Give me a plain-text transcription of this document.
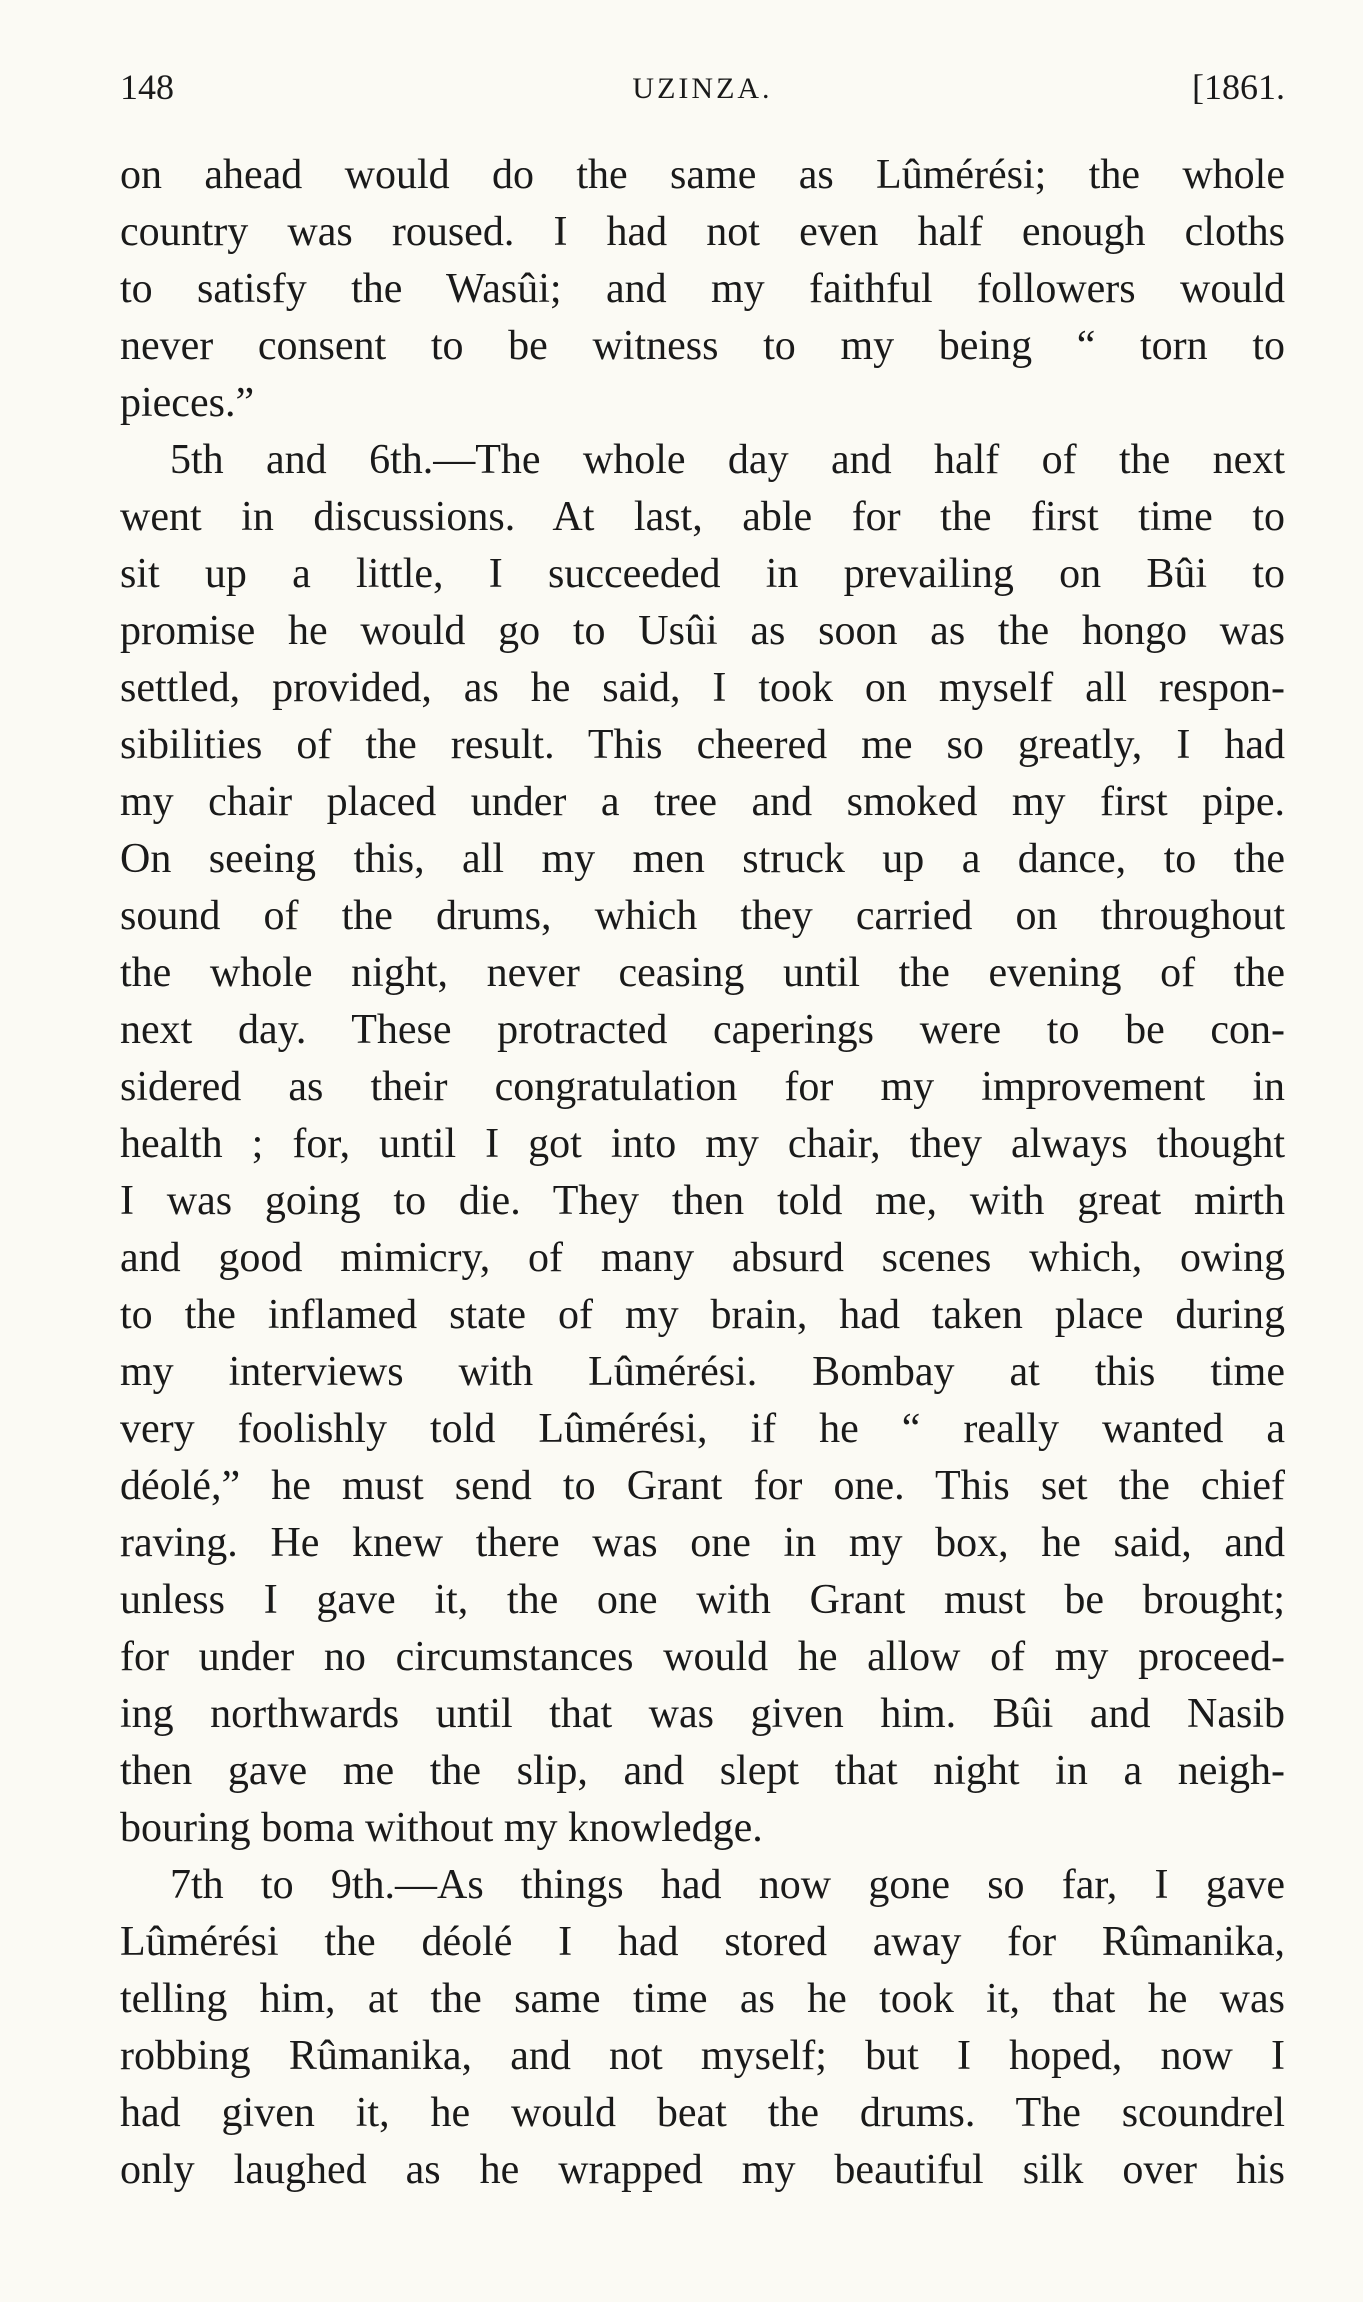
148	UZINZA.	[1861.
on ahead would do the same as Lûmérési; the whole
country was roused. I had not even half enough cloths
to satisfy the Wasûi; and my faithful followers would
never consent to be witness to my being “ torn to
pieces.”
5th and 6th.—The whole day and half of the next
went in discussions. At last, able for the first time to
sit up a little, I succeeded in prevailing on Bûi to
promise he would go to Usûi as soon as the hongo was
settled, provided, as he said, I took on myself all respon-
sibilities of the result. This cheered me so greatly, I had
my chair placed under a tree and smoked my first pipe.
On seeing this, all my men struck up a dance, to the
sound of the drums, which they carried on throughout
the whole night, never ceasing until the evening of the
next day. These protracted caperings were to be con-
sidered as their congratulation for my improvement in
health ; for, until I got into my chair, they always thought
I was going to die. They then told me, with great mirth
and good mimicry, of many absurd scenes which, owing
to the inflamed state of my brain, had taken place during
my interviews with Lûmérési. Bombay at this time
very foolishly told Lûmérési, if he “ really wanted a
déolé,” he must send to Grant for one. This set the chief
raving. He knew there was one in my box, he said, and
unless I gave it, the one with Grant must be brought;
for under no circumstances would he allow of my proceed-
ing northwards until that was given him. Bûi and Nasib
then gave me the slip, and slept that night in a neigh-
bouring boma without my knowledge.
7th to 9th.—As things had now gone so far, I gave
Lûmérési the déolé I had stored away for Rûmanika,
telling him, at the same time as he took it, that he was
robbing Rûmanika, and not myself; but I hoped, now I
had given it, he would beat the drums. The scoundrel
only laughed as he wrapped my beautiful silk over his
